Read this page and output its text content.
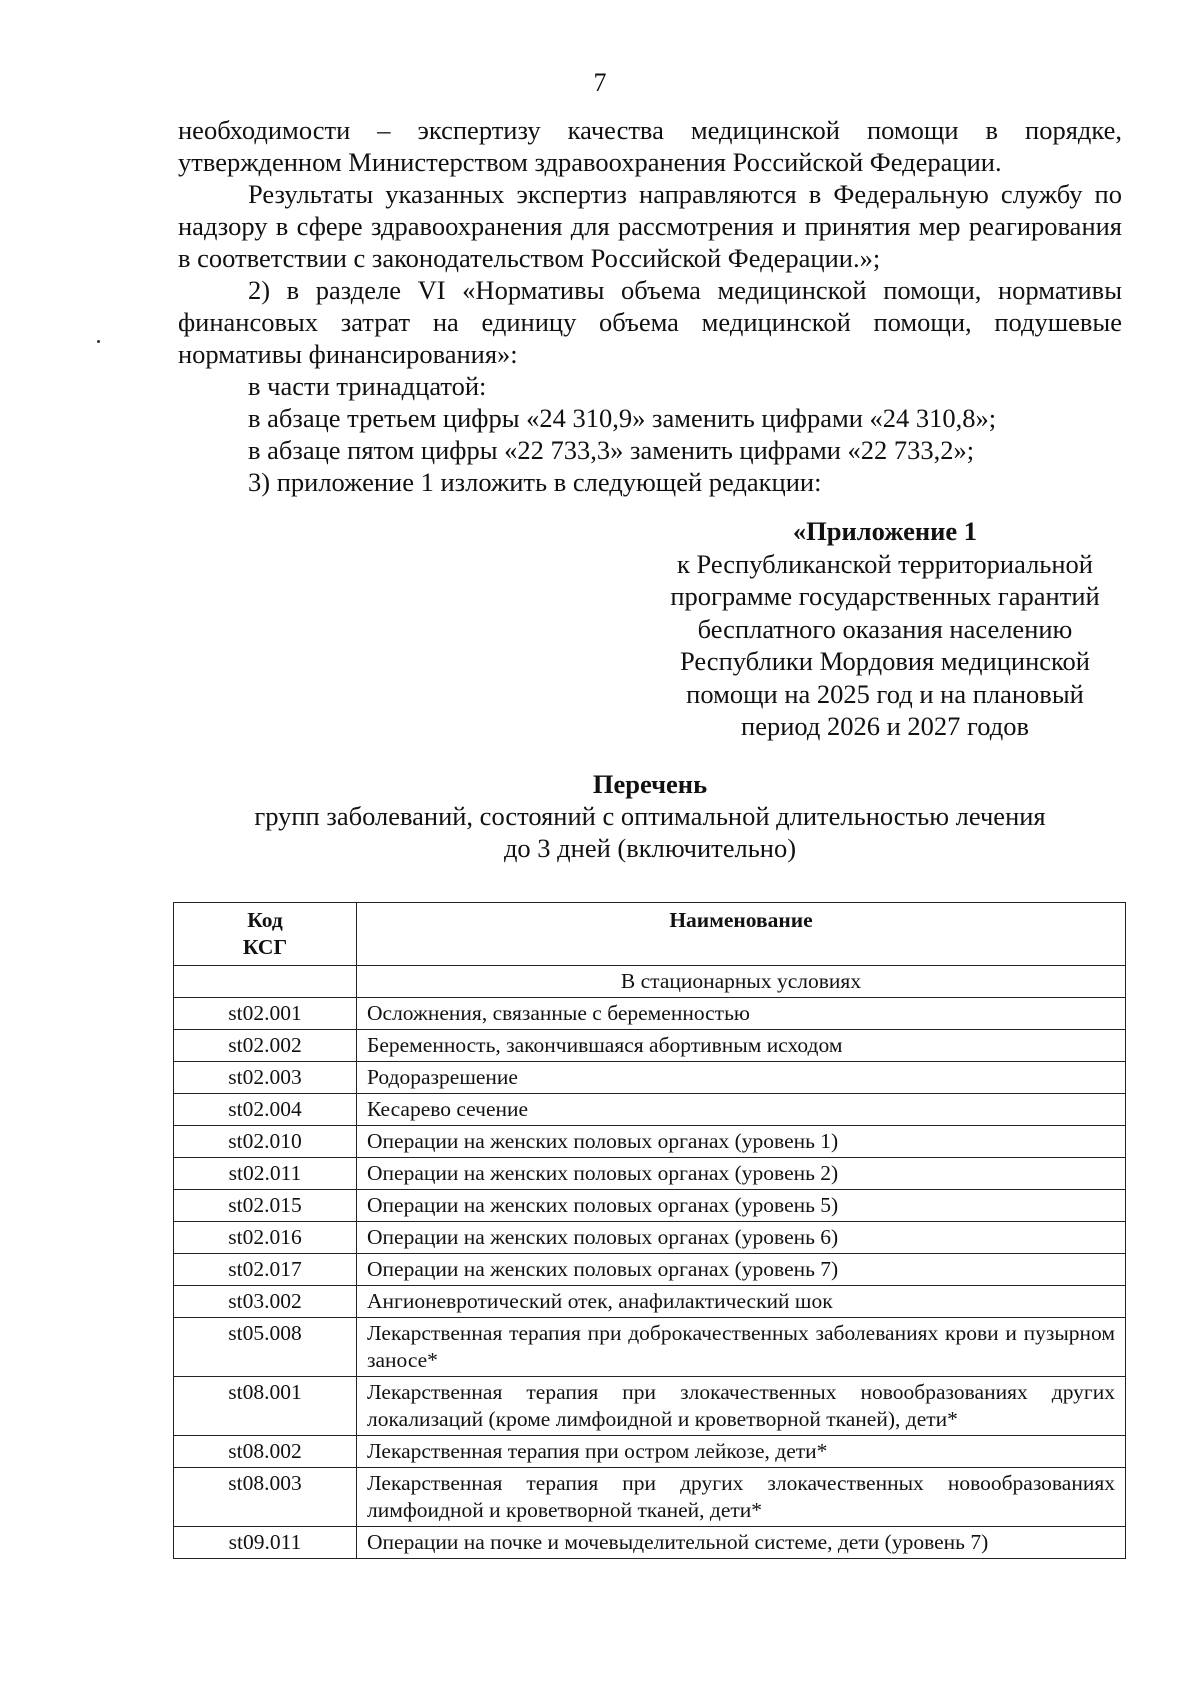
7

необходимости – экспертизу качества медицинской помощи в порядке, утвержденном Министерством здравоохранения Российской Федерации.

Результаты указанных экспертиз направляются в Федеральную службу по надзору в сфере здравоохранения для рассмотрения и принятия мер реагирования в соответствии с законодательством Российской Федерации.»;

2) в разделе VI «Нормативы объема медицинской помощи, нормативы финансовых затрат на единицу объема медицинской помощи, подушевые нормативы финансирования»:

в части тринадцатой:

в абзаце третьем цифры «24 310,9» заменить цифрами «24 310,8»;

в абзаце пятом цифры «22 733,3» заменить цифрами «22 733,2»;

3) приложение 1 изложить в следующей редакции:

«Приложение 1
к Республиканской территориальной
программе государственных гарантий
бесплатного оказания населению
Республики Мордовия медицинской
помощи на 2025 год и на плановый
период 2026 и 2027 годов
Перечень
групп заболеваний, состояний с оптимальной длительностью лечения
до 3 дней (включительно)
Код
КСГ	Наименование
	В стационарных условиях
st02.001	Осложнения, связанные с беременностью
st02.002	Беременность, закончившаяся абортивным исходом
st02.003	Родоразрешение
st02.004	Кесарево сечение
st02.010	Операции на женских половых органах (уровень 1)
st02.011	Операции на женских половых органах (уровень 2)
st02.015	Операции на женских половых органах (уровень 5)
st02.016	Операции на женских половых органах (уровень 6)
st02.017	Операции на женских половых органах (уровень 7)
st03.002	Ангионевротический отек, анафилактический шок
st05.008	Лекарственная терапия при доброкачественных заболеваниях крови и пузырном заносе*
st08.001	Лекарственная терапия при злокачественных новообразованиях других локализаций (кроме лимфоидной и кроветворной тканей), дети*
st08.002	Лекарственная терапия при остром лейкозе, дети*
st08.003	Лекарственная терапия при других злокачественных новообразованиях лимфоидной и кроветворной тканей, дети*
st09.011	Операции на почке и мочевыделительной системе, дети (уровень 7)
